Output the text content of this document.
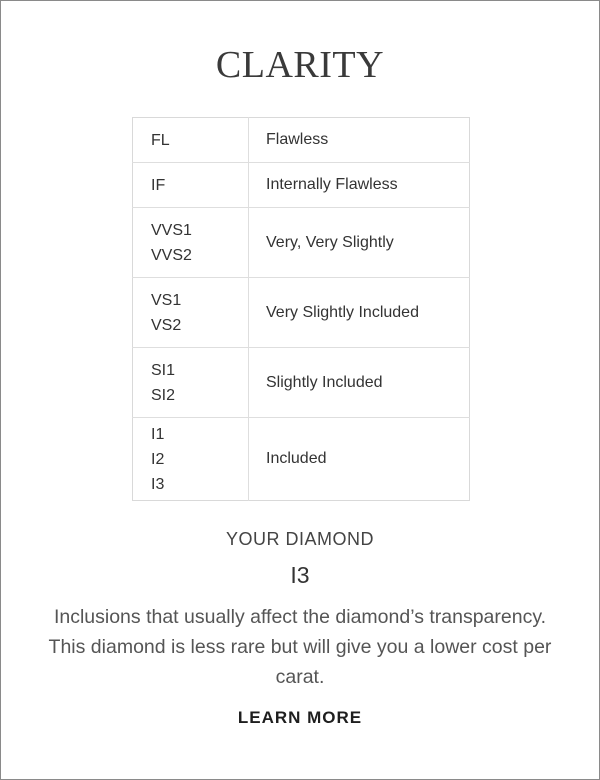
CLARITY
FL	Flawless

IF	Internally Flawless

VVS1
VVS2	Very, Very Slightly

VS1
VS2	Very Slightly Included

SI1
SI2	Slightly Included

I1
I2
I3	Included
YOUR DIAMOND
I3

Inclusions that usually affect the diamond’s transparency. This diamond is less rare but will give you a lower cost per carat.

LEARN MORE
